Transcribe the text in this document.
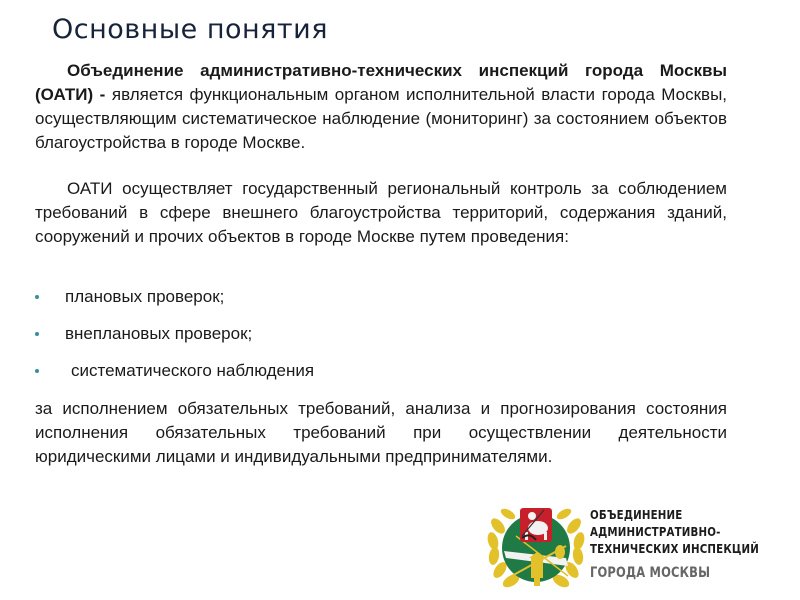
Основные понятия
Объединение административно-технических инспекций города Москвы (ОАТИ) - является функциональным органом исполнительной власти города Москвы, осуществляющим систематическое наблюдение (мониторинг) за состоянием объектов благоустройства в городе Москве.
ОАТИ осуществляет государственный региональный контроль за соблюдением требований в сфере внешнего благоустройства территорий, содержания зданий, сооружений и прочих объектов в городе Москве путем проведения:
плановых проверок;
внеплановых проверок;
систематического наблюдения
за исполнением обязательных требований, анализа и прогнозирования состояния исполнения обязательных требований при осуществлении деятельности юридическими лицами и индивидуальными предпринимателями.
ОБЪЕДИНЕНИЕ
АДМИНИСТРАТИВНО-
ТЕХНИЧЕСКИХ ИНСПЕКЦИЙ
ГОРОДА МОСКВЫ
